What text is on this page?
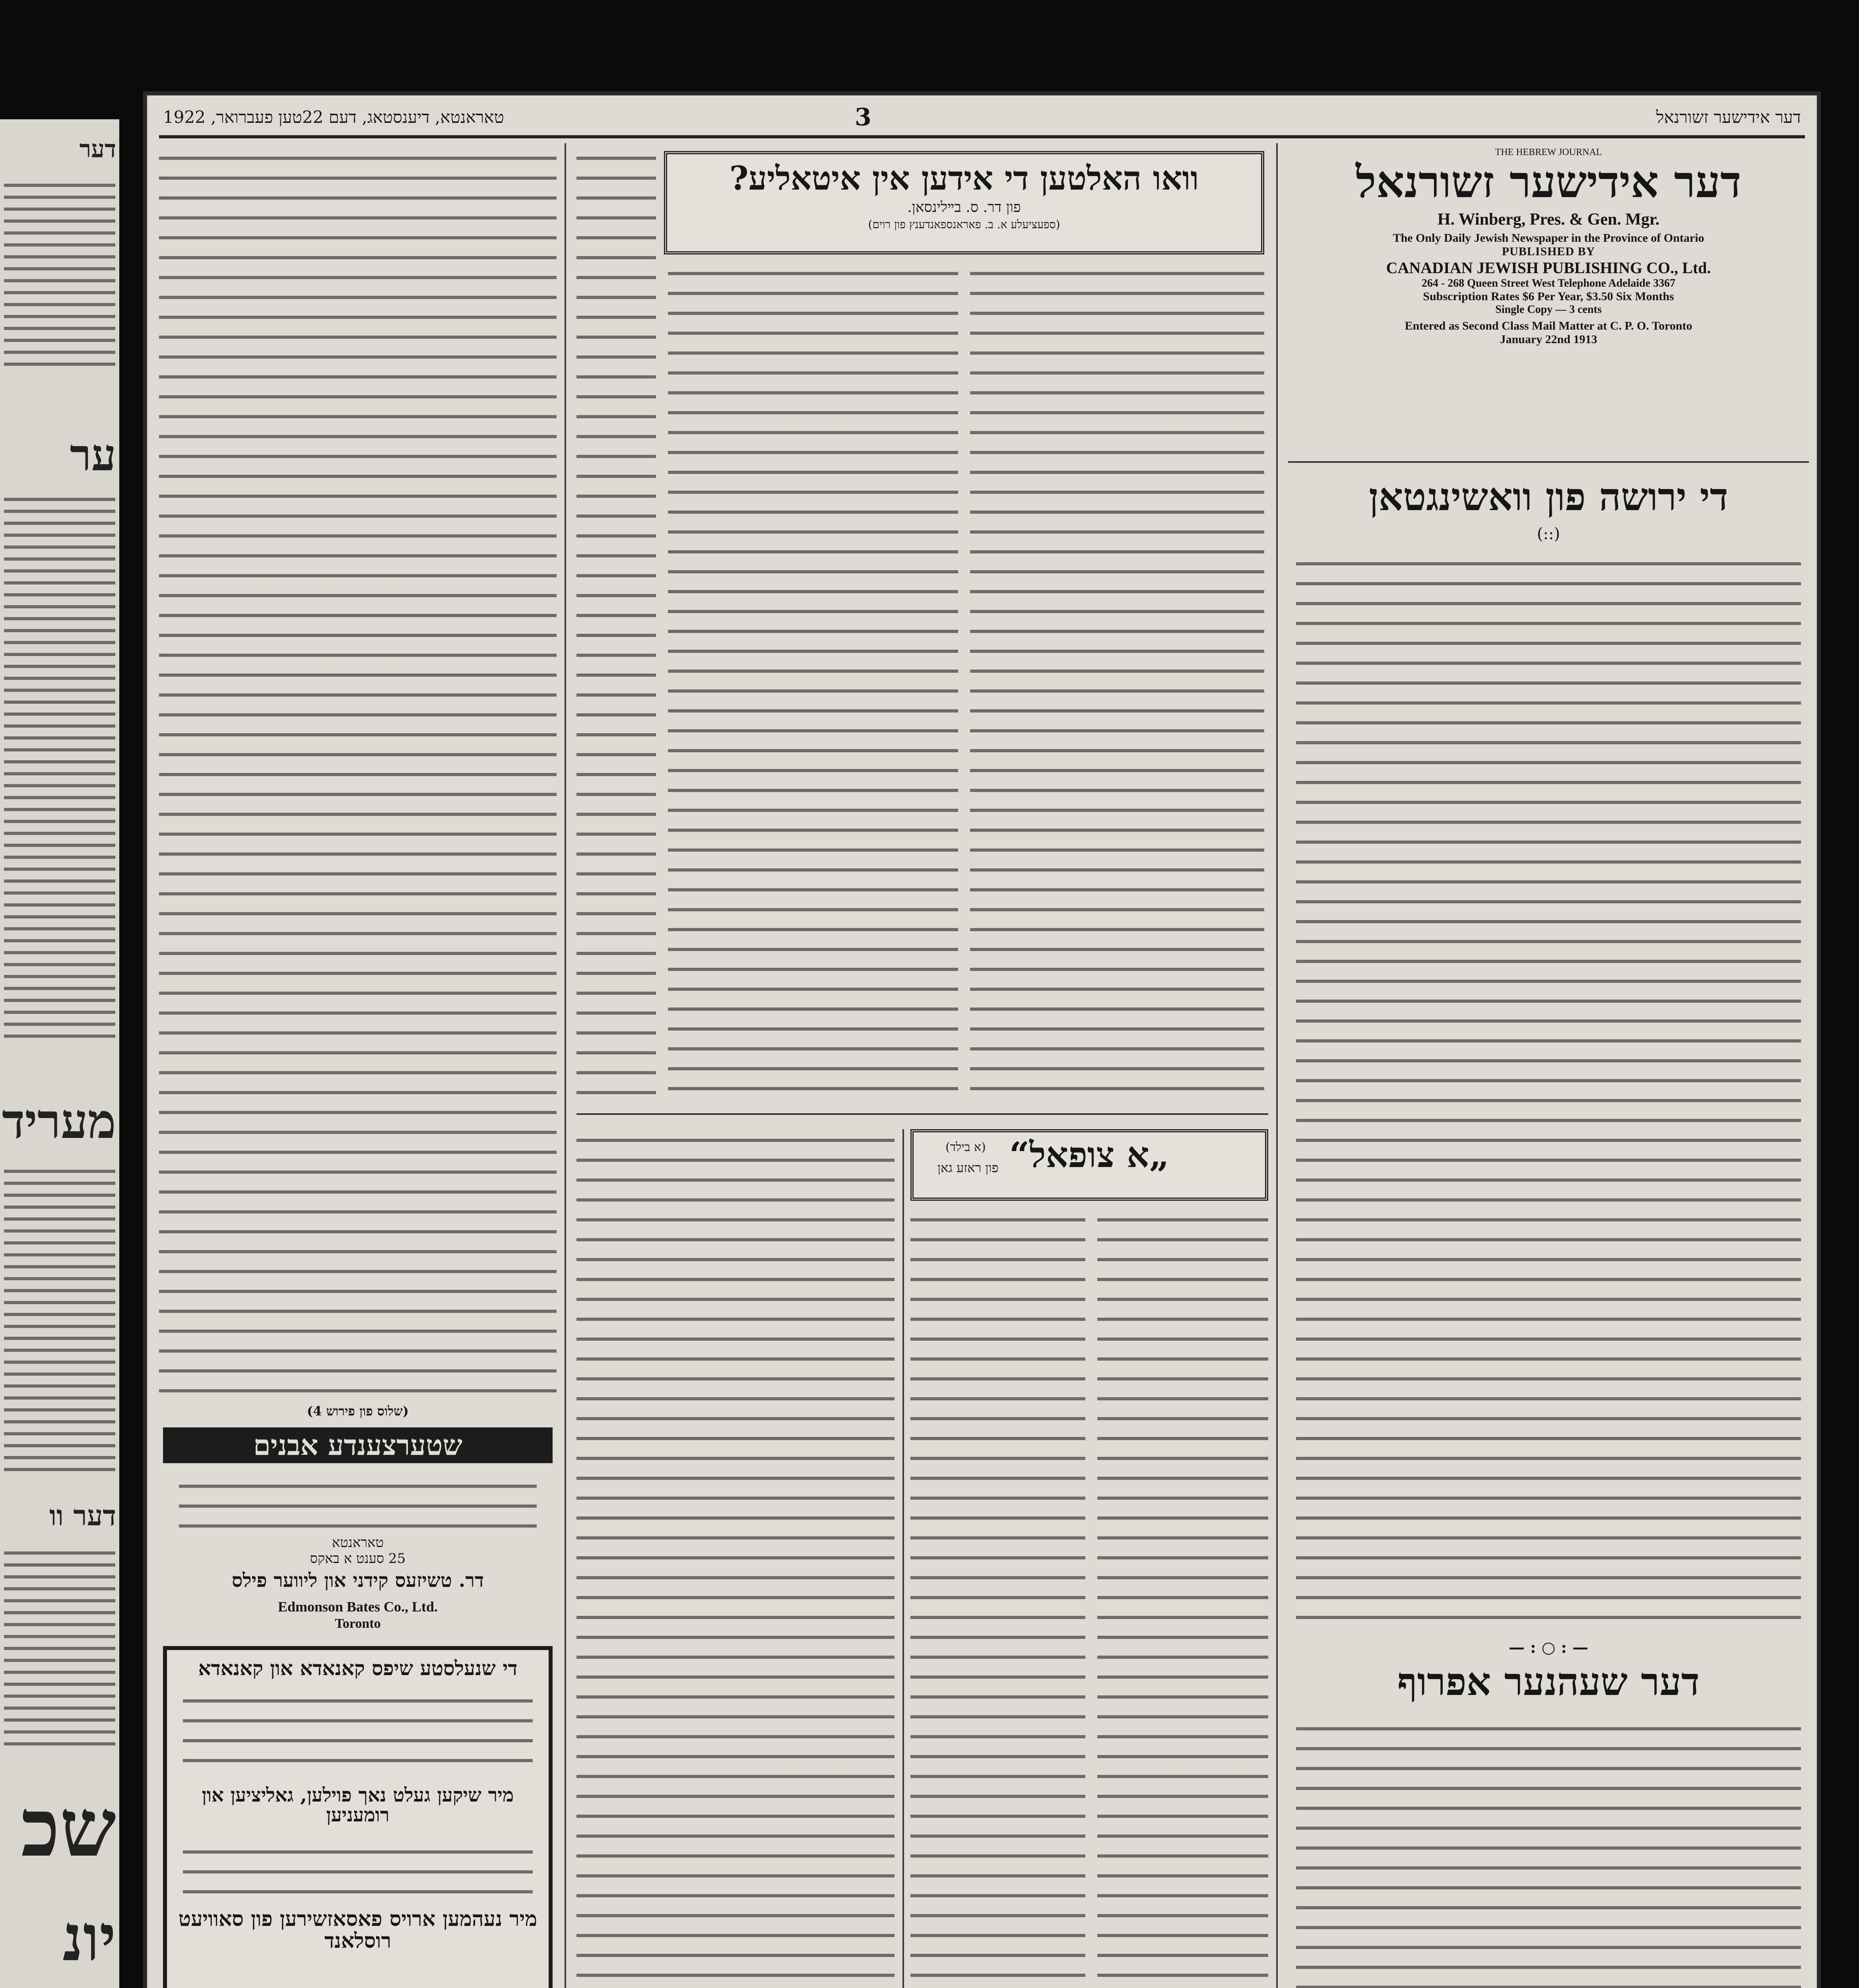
דער
ער
מעריד
דער וו
שכ
יונ
דער אידישער זשורנאל
3
טאראנטא, דיענסטאג, דעם 22טען פעברואר, 1922
THE HEBREW JOURNAL
דער אידישער זשורנאל
H. Winberg, Pres. & Gen. Mgr.
The Only Daily Jewish Newspaper in the Province of Ontario
PUBLISHED BY
CANADIAN JEWISH PUBLISHING CO., Ltd.
264 - 268 Queen Street West Telephone Adelaide 3367
Subscription Rates $6 Per Year, $3.50 Six Months
Single Copy — 3 cents
Entered as Second Class Mail Matter at C. P. O. Toronto
January 22nd 1913
די ירושה פון וואשינגטאן
(::)
— : ○ : —
דער שעהנער אפרוף
וואו האלטען די אידען אין איטאליע?
פון דר. ס. בײלינסאן.
(ספעציעלע א. ב. פאראנספאנדענץ פון רוים)
„א צופאל“
(א בילד)
פון ראזע גאן
(שלוס פון פירוש 4)
שטערצענדע אבנים
טאראנטא
25 סענט א באקס
דר. טשיזעס קידני און ליווער פילס
Edmonson Bates Co., Ltd.
Toronto
די שנעלסטע שיפס קאנאדא און קאנאדא
מיר שיקען געלט נאך פוילען, גאליציען און רומעניען
מיר נעהמען ארויס פאסאזשירען פון סאוויעט רוסלאנד
